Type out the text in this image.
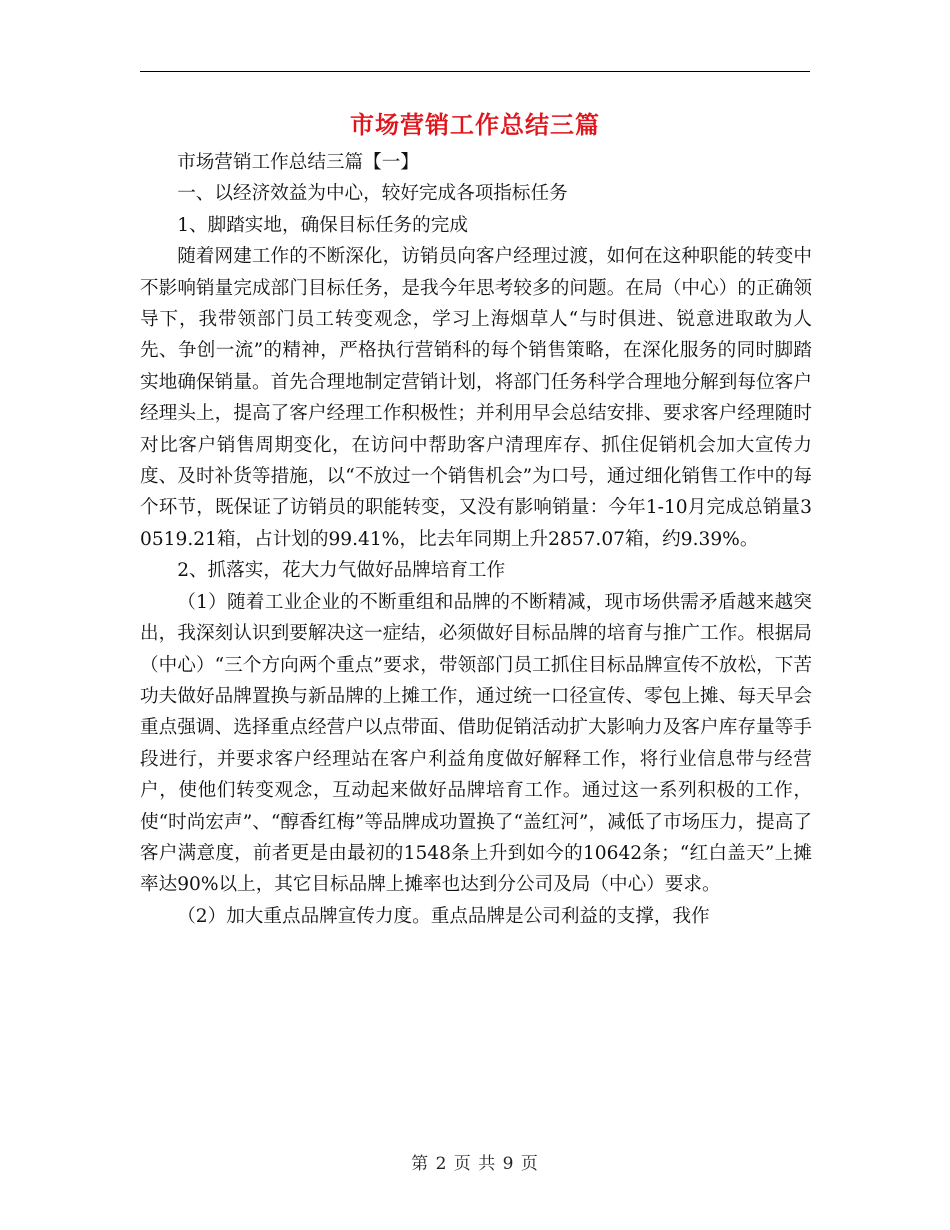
市场营销工作总结三篇

市场营销工作总结三篇【一】

一、以经济效益为中心，较好完成各项指标任务

1、脚踏实地，确保目标任务的完成

随着网建工作的不断深化，访销员向客户经理过渡，如何在这种职能的转变中不影响销量完成部门目标任务，是我今年思考较多的问题。在局（中心）的正确领导下，我带领部门员工转变观念，学习上海烟草人“与时俱进、锐意进取敢为人先、争创一流”的精神，严格执行营销科的每个销售策略，在深化服务的同时脚踏实地确保销量。首先合理地制定营销计划，将部门任务科学合理地分解到每位客户经理头上，提高了客户经理工作积极性；并利用早会总结安排、要求客户经理随时对比客户销售周期变化，在访问中帮助客户清理库存、抓住促销机会加大宣传力度、及时补货等措施，以“不放过一个销售机会”为口号，通过细化销售工作中的每个环节，既保证了访销员的职能转变，又没有影响销量：今年1-10月完成总销量30519.21箱，占计划的99.41%，比去年同期上升2857.07箱，约9.39%。

2、抓落实，花大力气做好品牌培育工作

（1）随着工业企业的不断重组和品牌的不断精减，现市场供需矛盾越来越突出，我深刻认识到要解决这一症结，必须做好目标品牌的培育与推广工作。根据局（中心）“三个方向两个重点”要求，带领部门员工抓住目标品牌宣传不放松，下苦功夫做好品牌置换与新品牌的上摊工作，通过统一口径宣传、零包上摊、每天早会重点强调、选择重点经营户以点带面、借助促销活动扩大影响力及客户库存量等手段进行，并要求客户经理站在客户利益角度做好解释工作，将行业信息带与经营户，使他们转变观念，互动起来做好品牌培育工作。通过这一系列积极的工作，使“时尚宏声”、“醇香红梅”等品牌成功置换了“盖红河”，减低了市场压力，提高了客户满意度，前者更是由最初的1548条上升到如今的10642条；“红白盖天”上摊率达90%以上，其它目标品牌上摊率也达到分公司及局（中心）要求。

（2）加大重点品牌宣传力度。重点品牌是公司利益的支撑，我作

第 2 页 共 9 页
